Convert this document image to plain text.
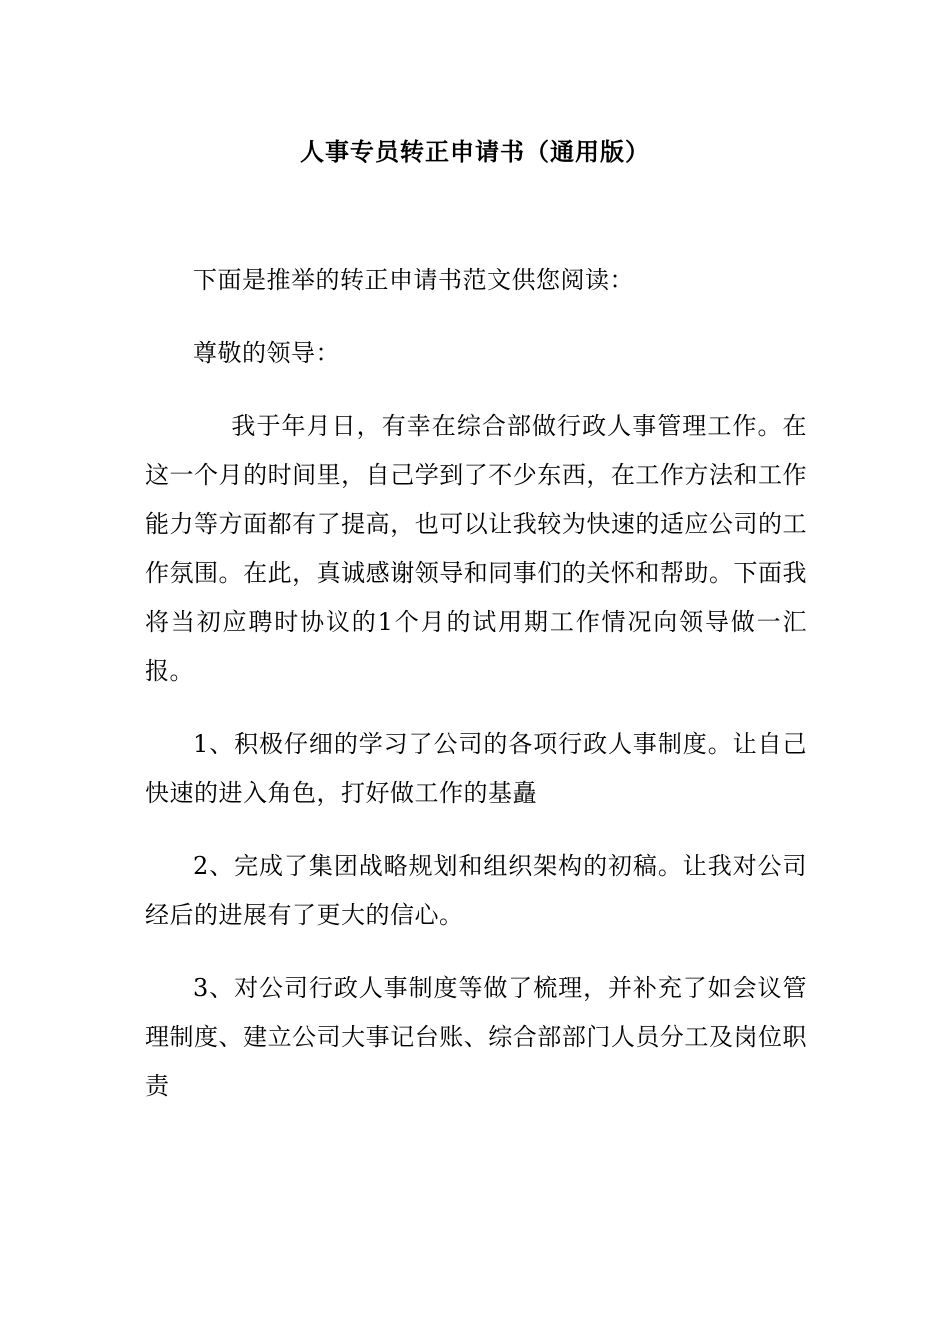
人事专员转正申请书（通用版）

下面是推举的转正申请书范文供您阅读：

尊敬的领导：

我于年月日，有幸在综合部做行政人事管理工作。在这一个月的时间里，自己学到了不少东西，在工作方法和工作能力等方面都有了提高，也可以让我较为快速的适应公司的工作氛围。在此，真诚感谢领导和同事们的关怀和帮助。下面我将当初应聘时协议的1个月的试用期工作情况向领导做一汇报。

1、积极仔细的学习了公司的各项行政人事制度。让自己快速的进入角色，打好做工作的基矗

2、完成了集团战略规划和组织架构的初稿。让我对公司经后的进展有了更大的信心。

3、对公司行政人事制度等做了梳理，并补充了如会议管理制度、建立公司大事记台账、综合部部门人员分工及岗位职责
